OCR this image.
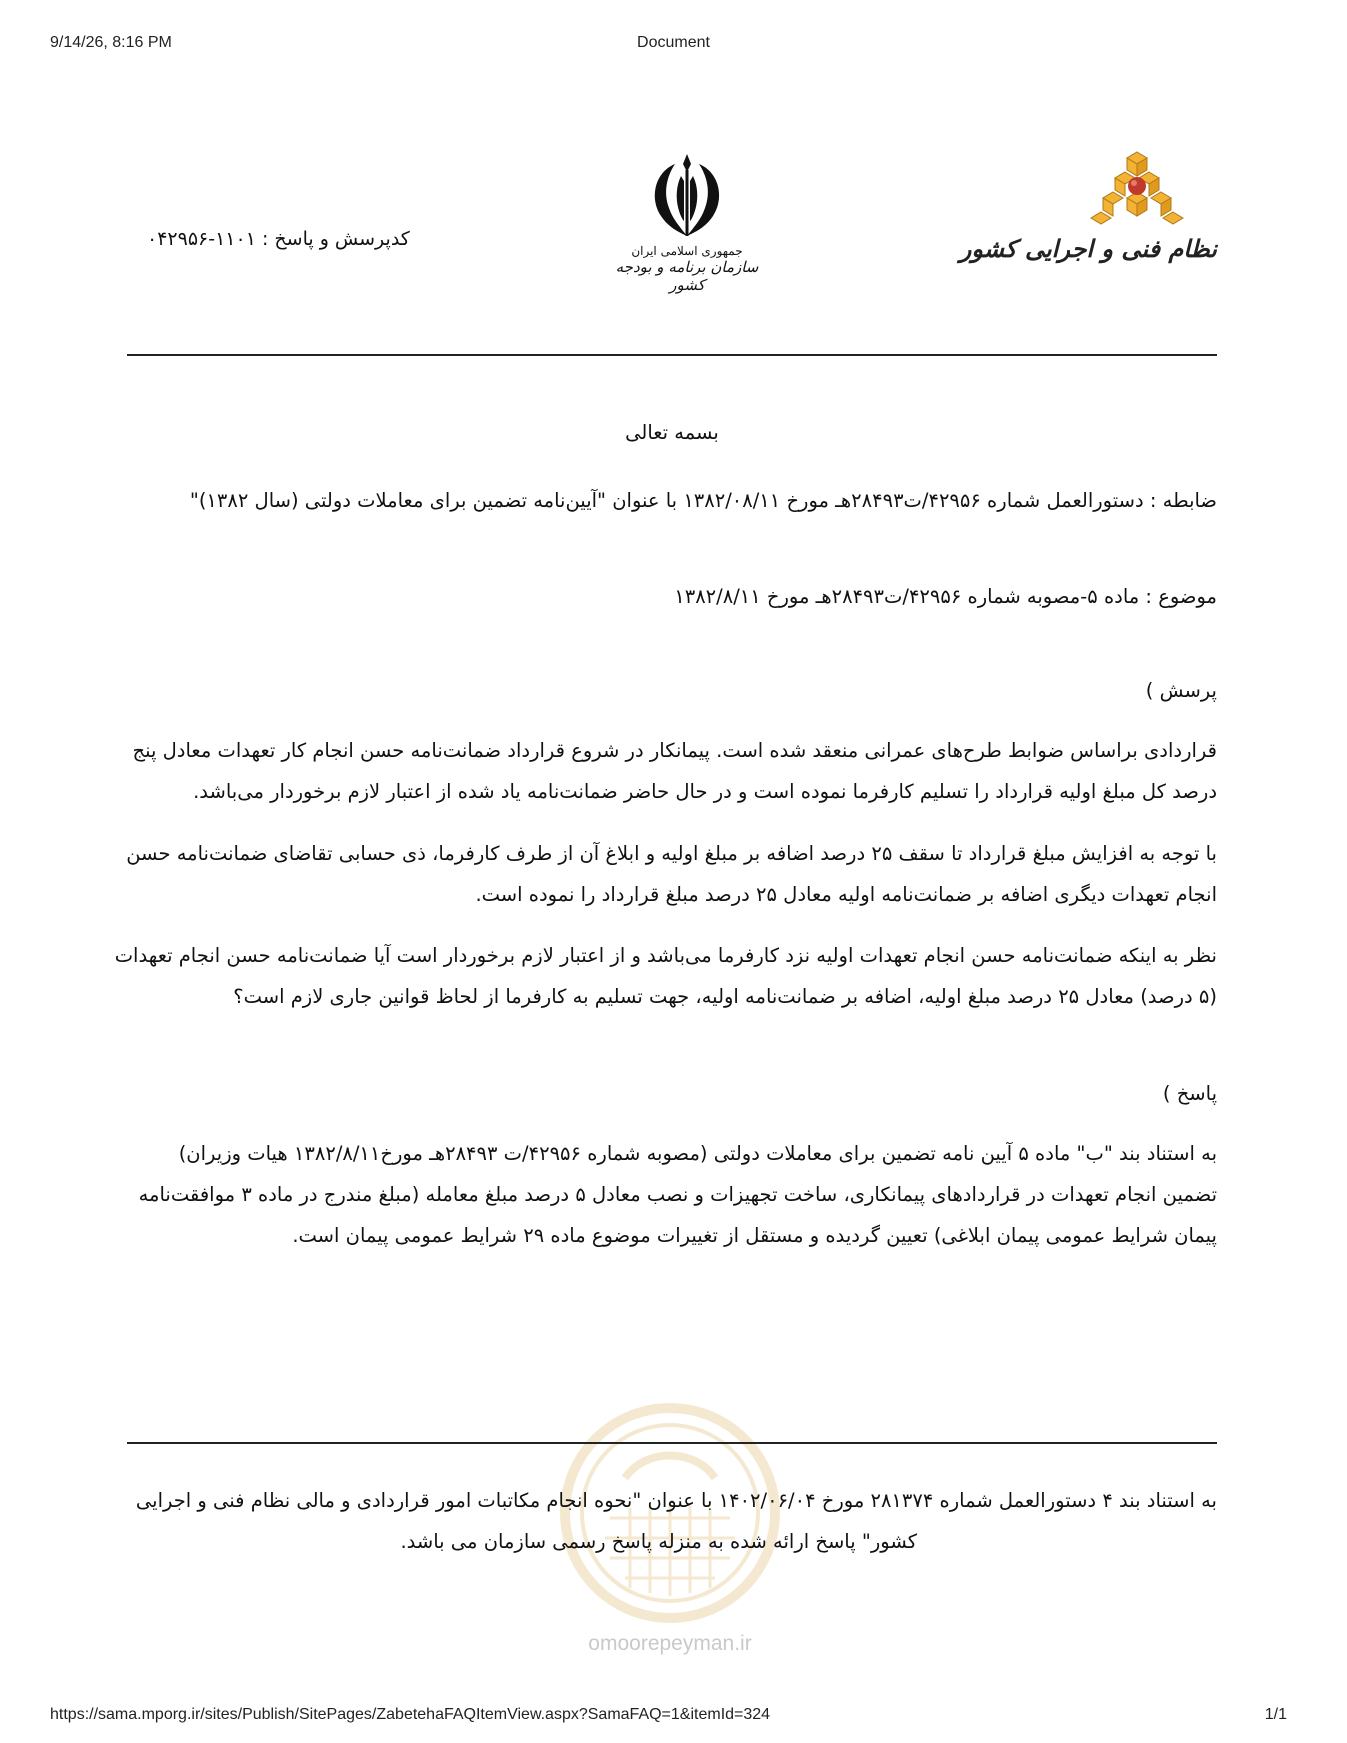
9/14/26, 8:16 PM	Document
کدپرسش و پاسخ : ۱۱۰۱-۰۴۲۹۵۶
جمهوری اسلامی ایران
سازمان برنامه و بودجه کشور
نظام فنی و اجرایی کشور
بسمه تعالی
ضابطه : دستورالعمل شماره ۴۲۹۵۶/ت۲۸۴۹۳هـ مورخ ۱۳۸۲/۰۸/۱۱ با عنوان "آیین‌نامه تضمین برای معاملات دولتی (سال ۱۳۸۲)"
موضوع : ماده ۵-مصوبه شماره ۴۲۹۵۶/ت۲۸۴۹۳هـ مورخ ۱۳۸۲/۸/۱۱
پرسش )
قراردادی براساس ضوابط طرح‌های عمرانی منعقد شده است. پیمانکار در شروع قرارداد ضمانت‌نامه حسن انجام کار تعهدات معادل پنج
درصد کل مبلغ اولیه قرارداد را تسلیم کارفرما نموده است و در حال حاضر ضمانت‌نامه یاد شده از اعتبار لازم برخوردار می‌باشد.
با توجه به افزایش مبلغ قرارداد تا سقف ۲۵ درصد اضافه بر مبلغ اولیه و ابلاغ آن از طرف کارفرما، ذی حسابی تقاضای ضمانت‌نامه حسن
انجام تعهدات دیگری اضافه بر ضمانت‌نامه اولیه معادل ۲۵ درصد مبلغ قرارداد را نموده است.
نظر به اینکه ضمانت‌نامه حسن انجام تعهدات اولیه نزد کارفرما می‌باشد و از اعتبار لازم برخوردار است آیا ضمانت‌نامه حسن انجام تعهدات
(۵ درصد) معادل ۲۵ درصد مبلغ اولیه، اضافه بر ضمانت‌نامه اولیه، جهت تسلیم به کارفرما از لحاظ قوانین جاری لازم است؟
پاسخ )
به استناد بند "ب" ماده ۵ آیین نامه تضمین برای معاملات دولتی (مصوبه شماره ۴۲۹۵۶/ت ۲۸۴۹۳هـ مورخ۱۳۸۲/۸/۱۱ هیات وزیران)
تضمین انجام تعهدات در قراردادهای پیمانکاری، ساخت تجهیزات و نصب معادل ۵ درصد مبلغ معامله (مبلغ مندرج در ماده ۳ موافقت‌نامه
پیمان شرایط عمومی پیمان ابلاغی) تعیین گردیده و مستقل از تغییرات موضوع ماده ۲۹ شرایط عمومی پیمان است.
omoorepeyman.ir
به استناد بند ۴ دستورالعمل شماره ۲۸۱۳۷۴ مورخ ۱۴۰۲/۰۶/۰۴ با عنوان "نحوه انجام مکاتبات امور قراردادی و مالی نظام فنی و اجرایی
کشور" پاسخ ارائه شده به منزله پاسخ رسمی سازمان می باشد.
https://sama.mporg.ir/sites/Publish/SitePages/ZabetehaFAQItemView.aspx?SamaFAQ=1&itemId=324	1/1
